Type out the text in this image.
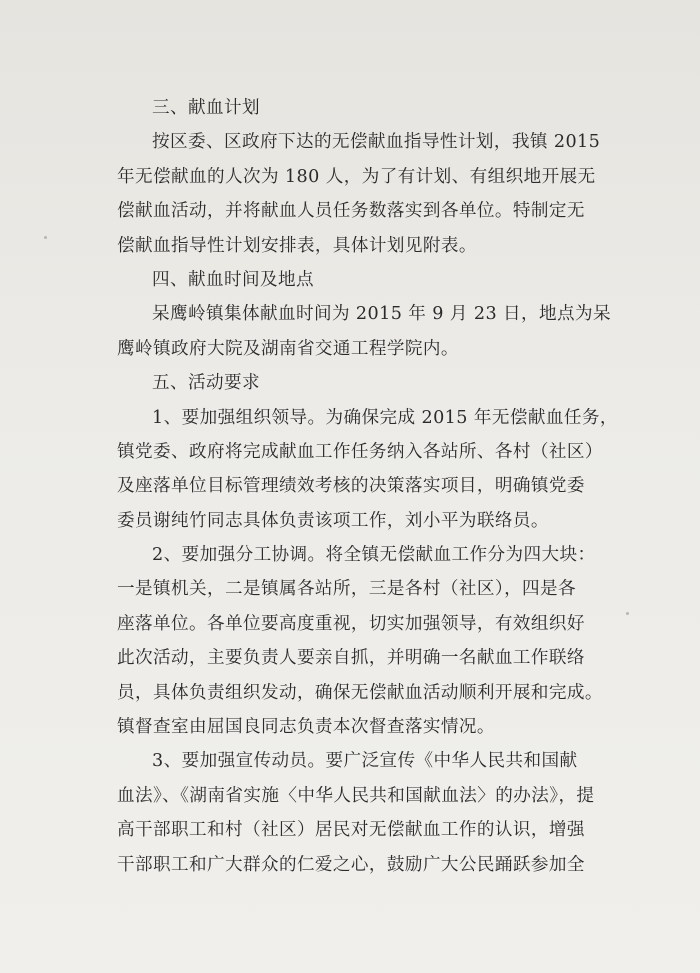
三、献血计划
按区委、区政府下达的无偿献血指导性计划，我镇 2015
年无偿献血的人次为 180 人，为了有计划、有组织地开展无
偿献血活动，并将献血人员任务数落实到各单位。特制定无
偿献血指导性计划安排表，具体计划见附表。
四、献血时间及地点
呆鹰岭镇集体献血时间为 2015 年 9 月 23 日，地点为呆
鹰岭镇政府大院及湖南省交通工程学院内。
五、活动要求
1、要加强组织领导。为确保完成 2015 年无偿献血任务，
镇党委、政府将完成献血工作任务纳入各站所、各村（社区）
及座落单位目标管理绩效考核的决策落实项目，明确镇党委
委员谢纯竹同志具体负责该项工作，刘小平为联络员。
2、要加强分工协调。将全镇无偿献血工作分为四大块：
一是镇机关，二是镇属各站所，三是各村（社区），四是各
座落单位。各单位要高度重视，切实加强领导，有效组织好
此次活动，主要负责人要亲自抓，并明确一名献血工作联络
员，具体负责组织发动，确保无偿献血活动顺利开展和完成。
镇督查室由屈国良同志负责本次督查落实情况。
3、要加强宣传动员。要广泛宣传《中华人民共和国献
血法》、《湖南省实施〈中华人民共和国献血法〉的办法》，提
高干部职工和村（社区）居民对无偿献血工作的认识，增强
干部职工和广大群众的仁爱之心，鼓励广大公民踊跃参加全
